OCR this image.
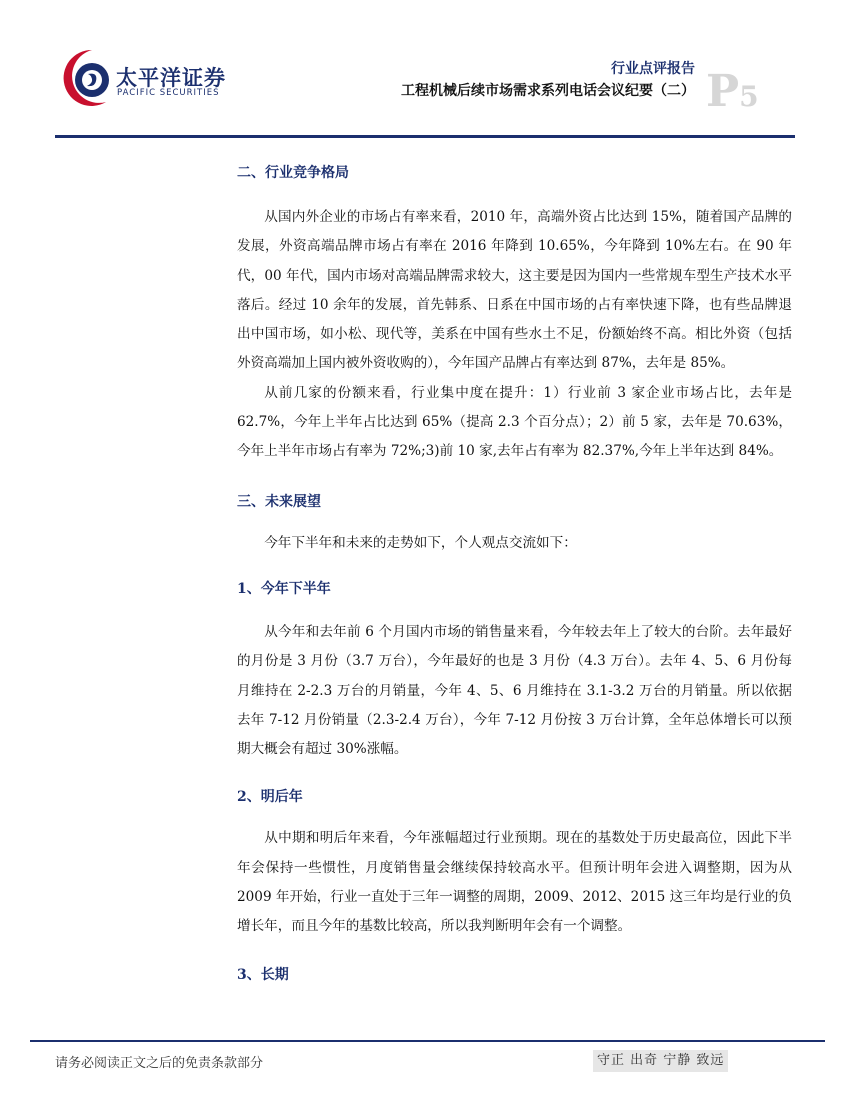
太平洋证券
PACIFIC SECURITIES
行业点评报告
工程机械后续市场需求系列电话会议纪要（二） P5
二、行业竞争格局

从国内外企业的市场占有率来看，2010 年，高端外资占比达到 15%，随着国产品牌的发展，外资高端品牌市场占有率在 2016 年降到 10.65%，今年降到 10%左右。在 90 年代，00 年代，国内市场对高端品牌需求较大，这主要是因为国内一些常规车型生产技术水平落后。经过 10 余年的发展，首先韩系、日系在中国市场的占有率快速下降，也有些品牌退出中国市场，如小松、现代等，美系在中国有些水土不足，份额始终不高。相比外资（包括外资高端加上国内被外资收购的），今年国产品牌占有率达到 87%，去年是 85%。

从前几家的份额来看，行业集中度在提升：1）行业前 3 家企业市场占比，去年是 62.7%，今年上半年占比达到 65%（提高 2.3 个百分点）；2）前 5 家，去年是 70.63%，今年上半年市场占有率为 72%;3)前 10 家,去年占有率为 82.37%,今年上半年达到 84%。

三、未来展望

今年下半年和未来的走势如下，个人观点交流如下：

1、今年下半年

从今年和去年前 6 个月国内市场的销售量来看，今年较去年上了较大的台阶。去年最好的月份是 3 月份（3.7 万台），今年最好的也是 3 月份（4.3 万台）。去年 4、5、6 月份每月维持在 2-2.3 万台的月销量，今年 4、5、6 月维持在 3.1-3.2 万台的月销量。所以依据去年 7-12 月份销量（2.3-2.4 万台），今年 7-12 月份按 3 万台计算，全年总体增长可以预期大概会有超过 30%涨幅。

2、明后年

从中期和明后年来看，今年涨幅超过行业预期。现在的基数处于历史最高位，因此下半年会保持一些惯性，月度销售量会继续保持较高水平。但预计明年会进入调整期，因为从 2009 年开始，行业一直处于三年一调整的周期，2009、2012、2015 这三年均是行业的负增长年，而且今年的基数比较高，所以我判断明年会有一个调整。

3、长期
请务必阅读正文之后的免责条款部分	守正 出奇 宁静 致远
